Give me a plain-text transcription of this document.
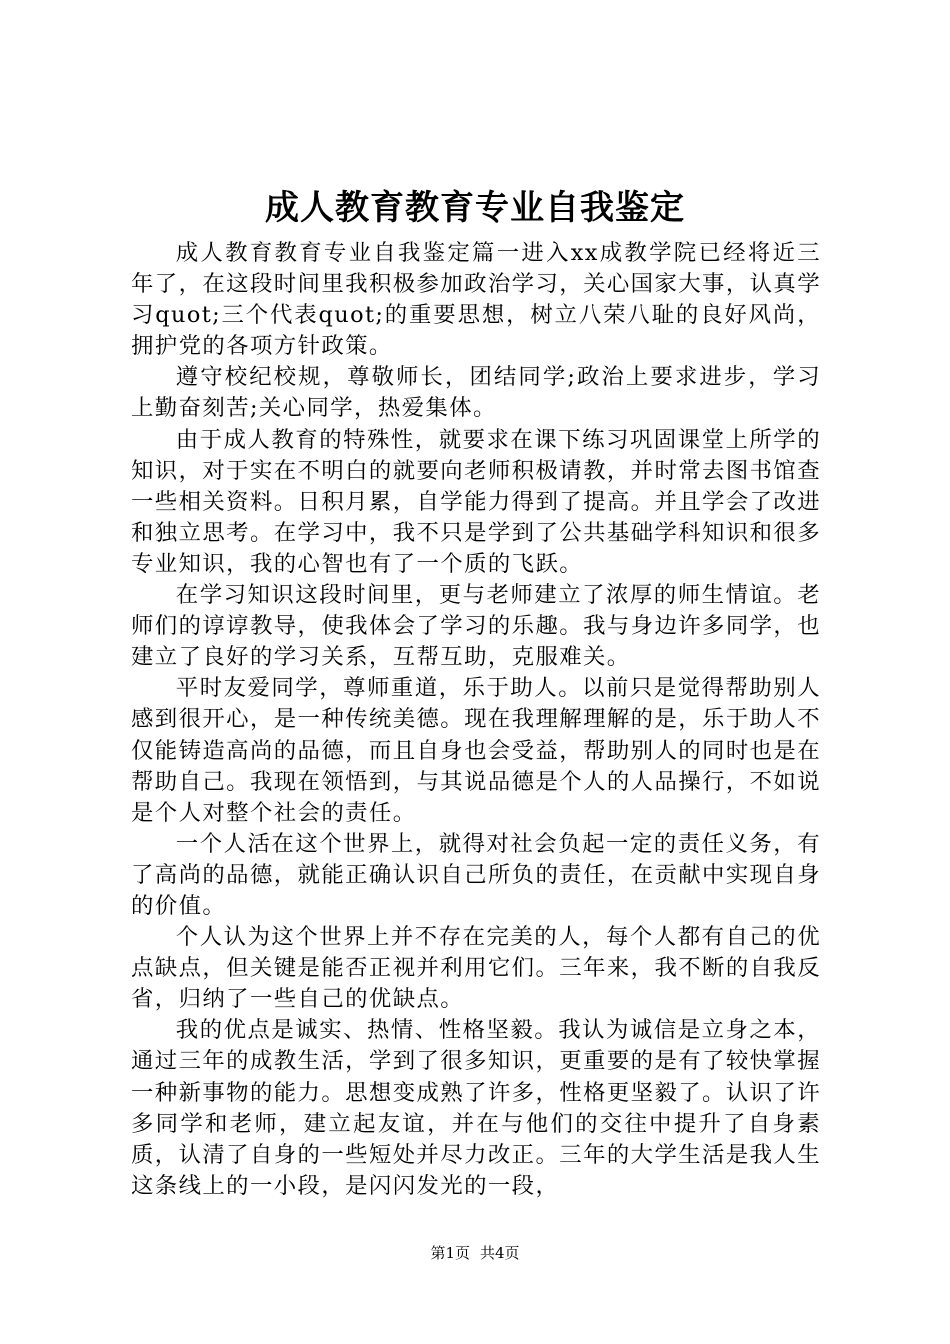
成人教育教育专业自我鉴定

成人教育教育专业自我鉴定篇一进入xx成教学院已经将近三年了，在这段时间里我积极参加政治学习，关心国家大事，认真学习quot;三个代表quot;的重要思想，树立八荣八耻的良好风尚，拥护党的各项方针政策。

遵守校纪校规，尊敬师长，团结同学;政治上要求进步，学习上勤奋刻苦;关心同学，热爱集体。

由于成人教育的特殊性，就要求在课下练习巩固课堂上所学的知识，对于实在不明白的就要向老师积极请教，并时常去图书馆查一些相关资料。日积月累，自学能力得到了提高。并且学会了改进和独立思考。在学习中，我不只是学到了公共基础学科知识和很多专业知识，我的心智也有了一个质的飞跃。

在学习知识这段时间里，更与老师建立了浓厚的师生情谊。老师们的谆谆教导，使我体会了学习的乐趣。我与身边许多同学，也建立了良好的学习关系，互帮互助，克服难关。

平时友爱同学，尊师重道，乐于助人。以前只是觉得帮助别人感到很开心，是一种传统美德。现在我理解理解的是，乐于助人不仅能铸造高尚的品德，而且自身也会受益，帮助别人的同时也是在帮助自己。我现在领悟到，与其说品德是个人的人品操行，不如说是个人对整个社会的责任。

一个人活在这个世界上，就得对社会负起一定的责任义务，有了高尚的品德，就能正确认识自己所负的责任，在贡献中实现自身的价值。

个人认为这个世界上并不存在完美的人，每个人都有自己的优点缺点，但关键是能否正视并利用它们。三年来，我不断的自我反省，归纳了一些自己的优缺点。

我的优点是诚实、热情、性格坚毅。我认为诚信是立身之本，通过三年的成教生活，学到了很多知识，更重要的是有了较快掌握一种新事物的能力。思想变成熟了许多，性格更坚毅了。认识了许多同学和老师，建立起友谊，并在与他们的交往中提升了自身素质，认清了自身的一些短处并尽力改正。三年的大学生活是我人生这条线上的一小段，是闪闪发光的一段，

第1页 共4页
